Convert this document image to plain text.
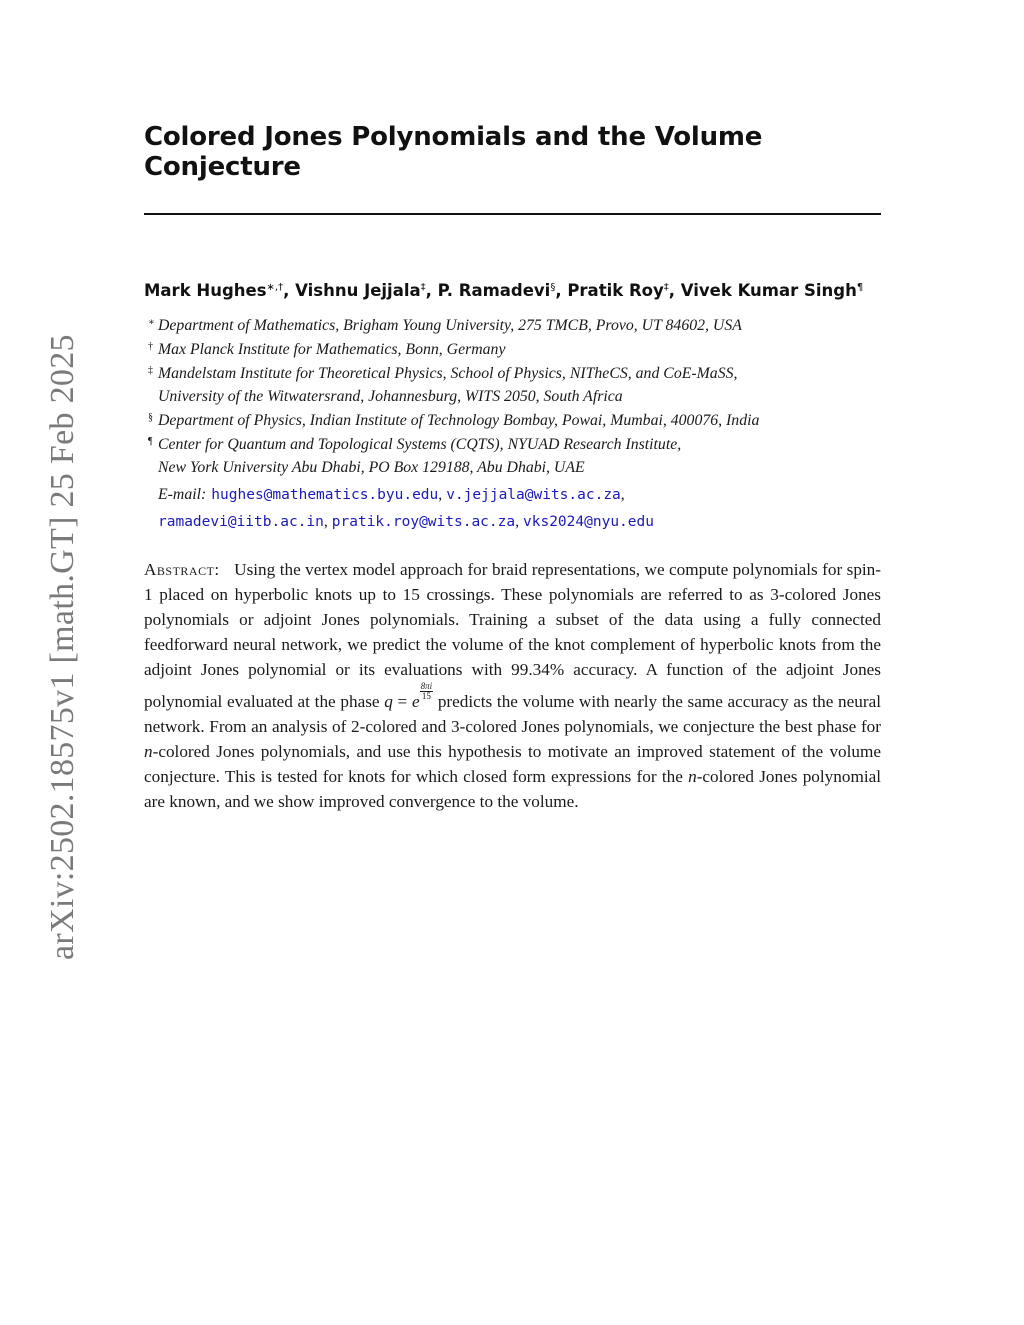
arXiv:2502.18575v1 [math.GT] 25 Feb 2025
Colored Jones Polynomials and the Volume Conjecture
Mark Hughes∗,†, Vishnu Jejjala‡, P. Ramadevi§, Pratik Roy‡, Vivek Kumar Singh¶
∗ Department of Mathematics, Brigham Young University, 275 TMCB, Provo, UT 84602, USA
† Max Planck Institute for Mathematics, Bonn, Germany
‡ Mandelstam Institute for Theoretical Physics, School of Physics, NITheCS, and CoE-MaSS,
University of the Witwatersrand, Johannesburg, WITS 2050, South Africa
§ Department of Physics, Indian Institute of Technology Bombay, Powai, Mumbai, 400076, India
¶ Center for Quantum and Topological Systems (CQTS), NYUAD Research Institute,
New York University Abu Dhabi, PO Box 129188, Abu Dhabi, UAE
E-mail: hughes@mathematics.byu.edu, v.jejjala@wits.ac.za,
ramadevi@iitb.ac.in, pratik.roy@wits.ac.za, vks2024@nyu.edu
Abstract: Using the vertex model approach for braid representations, we compute polynomials for spin-1 placed on hyperbolic knots up to 15 crossings. These polynomials are referred to as 3-colored Jones polynomials or adjoint Jones polynomials. Training a subset of the data using a fully connected feedforward neural network, we predict the volume of the knot complement of hyperbolic knots from the adjoint Jones polynomial or its evaluations with 99.34% accuracy. A function of the adjoint Jones polynomial evaluated at the phase q = e
$\frac{8\pi i}{15}$
predicts the volume with nearly the same accuracy as the neural network. From an analysis of 2-colored and 3-colored Jones polynomials, we conjecture the best phase for n-colored Jones polynomials, and use this hypothesis to motivate an improved statement of the volume conjecture. This is tested for knots for which closed form expressions for the n-colored Jones polynomial are known, and we show improved convergence to the volume.
